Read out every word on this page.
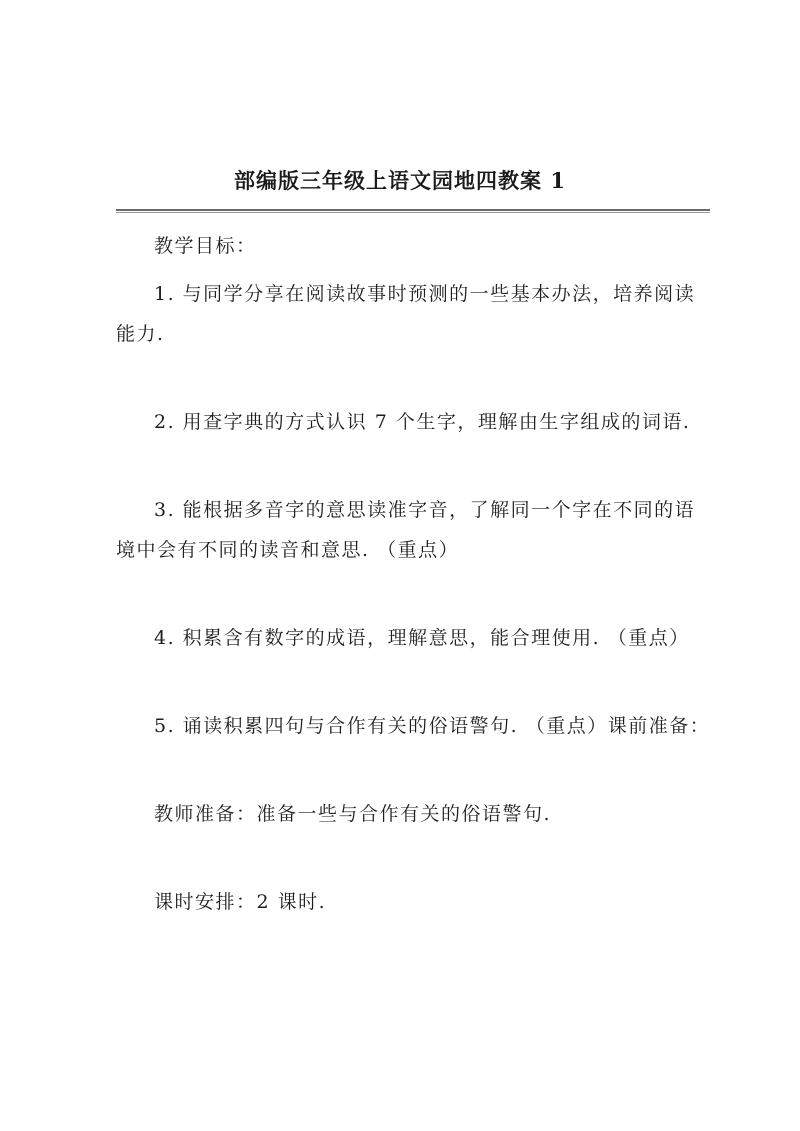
部编版三年级上语文园地四教案 1

教学目标：

1. 与同学分享在阅读故事时预测的一些基本办法，培养阅读能力.

2. 用查字典的方式认识 7 个生字，理解由生字组成的词语.

3. 能根据多音字的意思读准字音，了解同一个字在不同的语境中会有不同的读音和意思. （重点）

4. 积累含有数字的成语，理解意思，能合理使用. （重点）

5. 诵读积累四句与合作有关的俗语警句. （重点）课前准备：

教师准备：准备一些与合作有关的俗语警句.

课时安排：2 课时.
